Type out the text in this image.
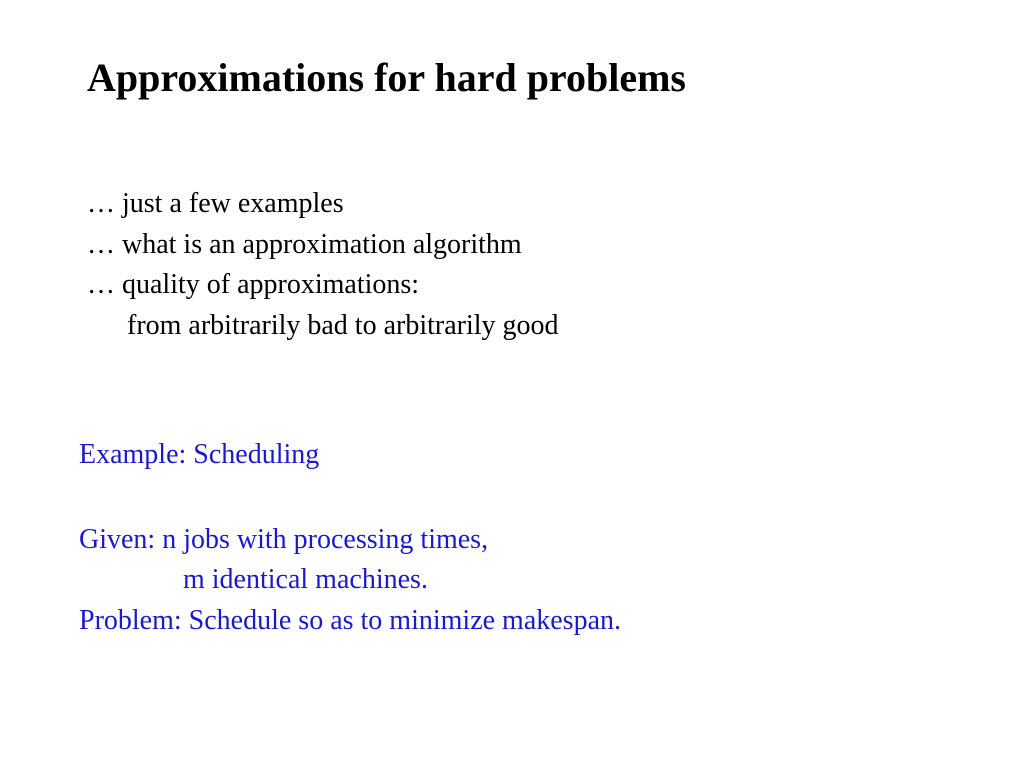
Approximations for hard problems
… just a few examples
… what is an approximation algorithm
… quality of approximations:
from arbitrarily bad to arbitrarily good
Example: Scheduling
Given: n jobs with processing times,
m identical machines.
Problem: Schedule so as to minimize makespan.
